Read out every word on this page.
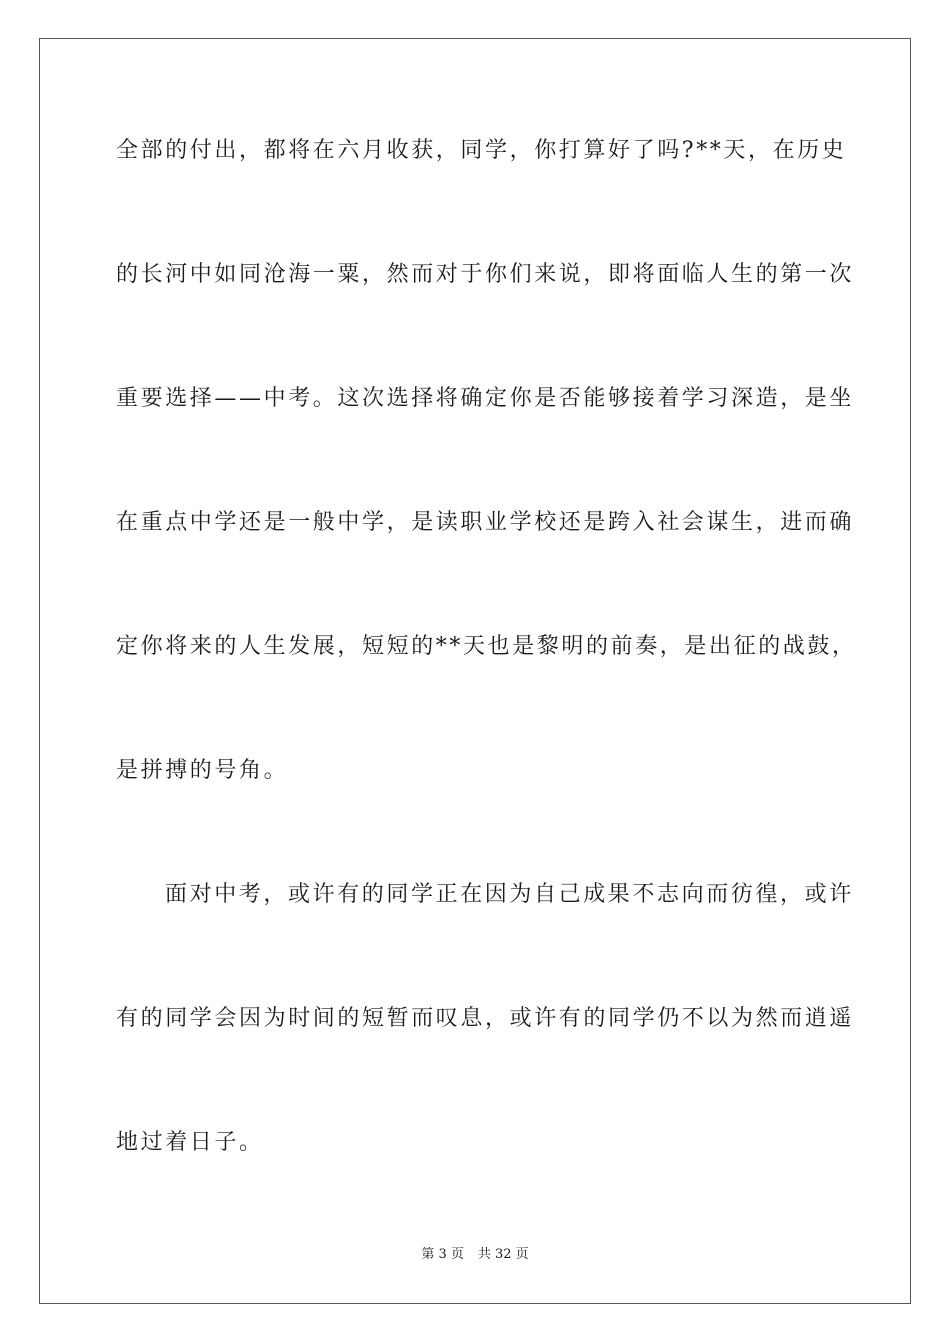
全部的付出，都将在六月收获，同学，你打算好了吗?**天，在历史
的长河中如同沧海一粟，然而对于你们来说，即将面临人生的第一次
重要选择——中考。这次选择将确定你是否能够接着学习深造，是坐
在重点中学还是一般中学，是读职业学校还是跨入社会谋生，进而确
定你将来的人生发展，短短的**天也是黎明的前奏，是出征的战鼓，
是拼搏的号角。
面对中考，或许有的同学正在因为自己成果不志向而彷徨，或许
有的同学会因为时间的短暂而叹息，或许有的同学仍不以为然而逍遥
地过着日子。
第 3 页 共 32 页
